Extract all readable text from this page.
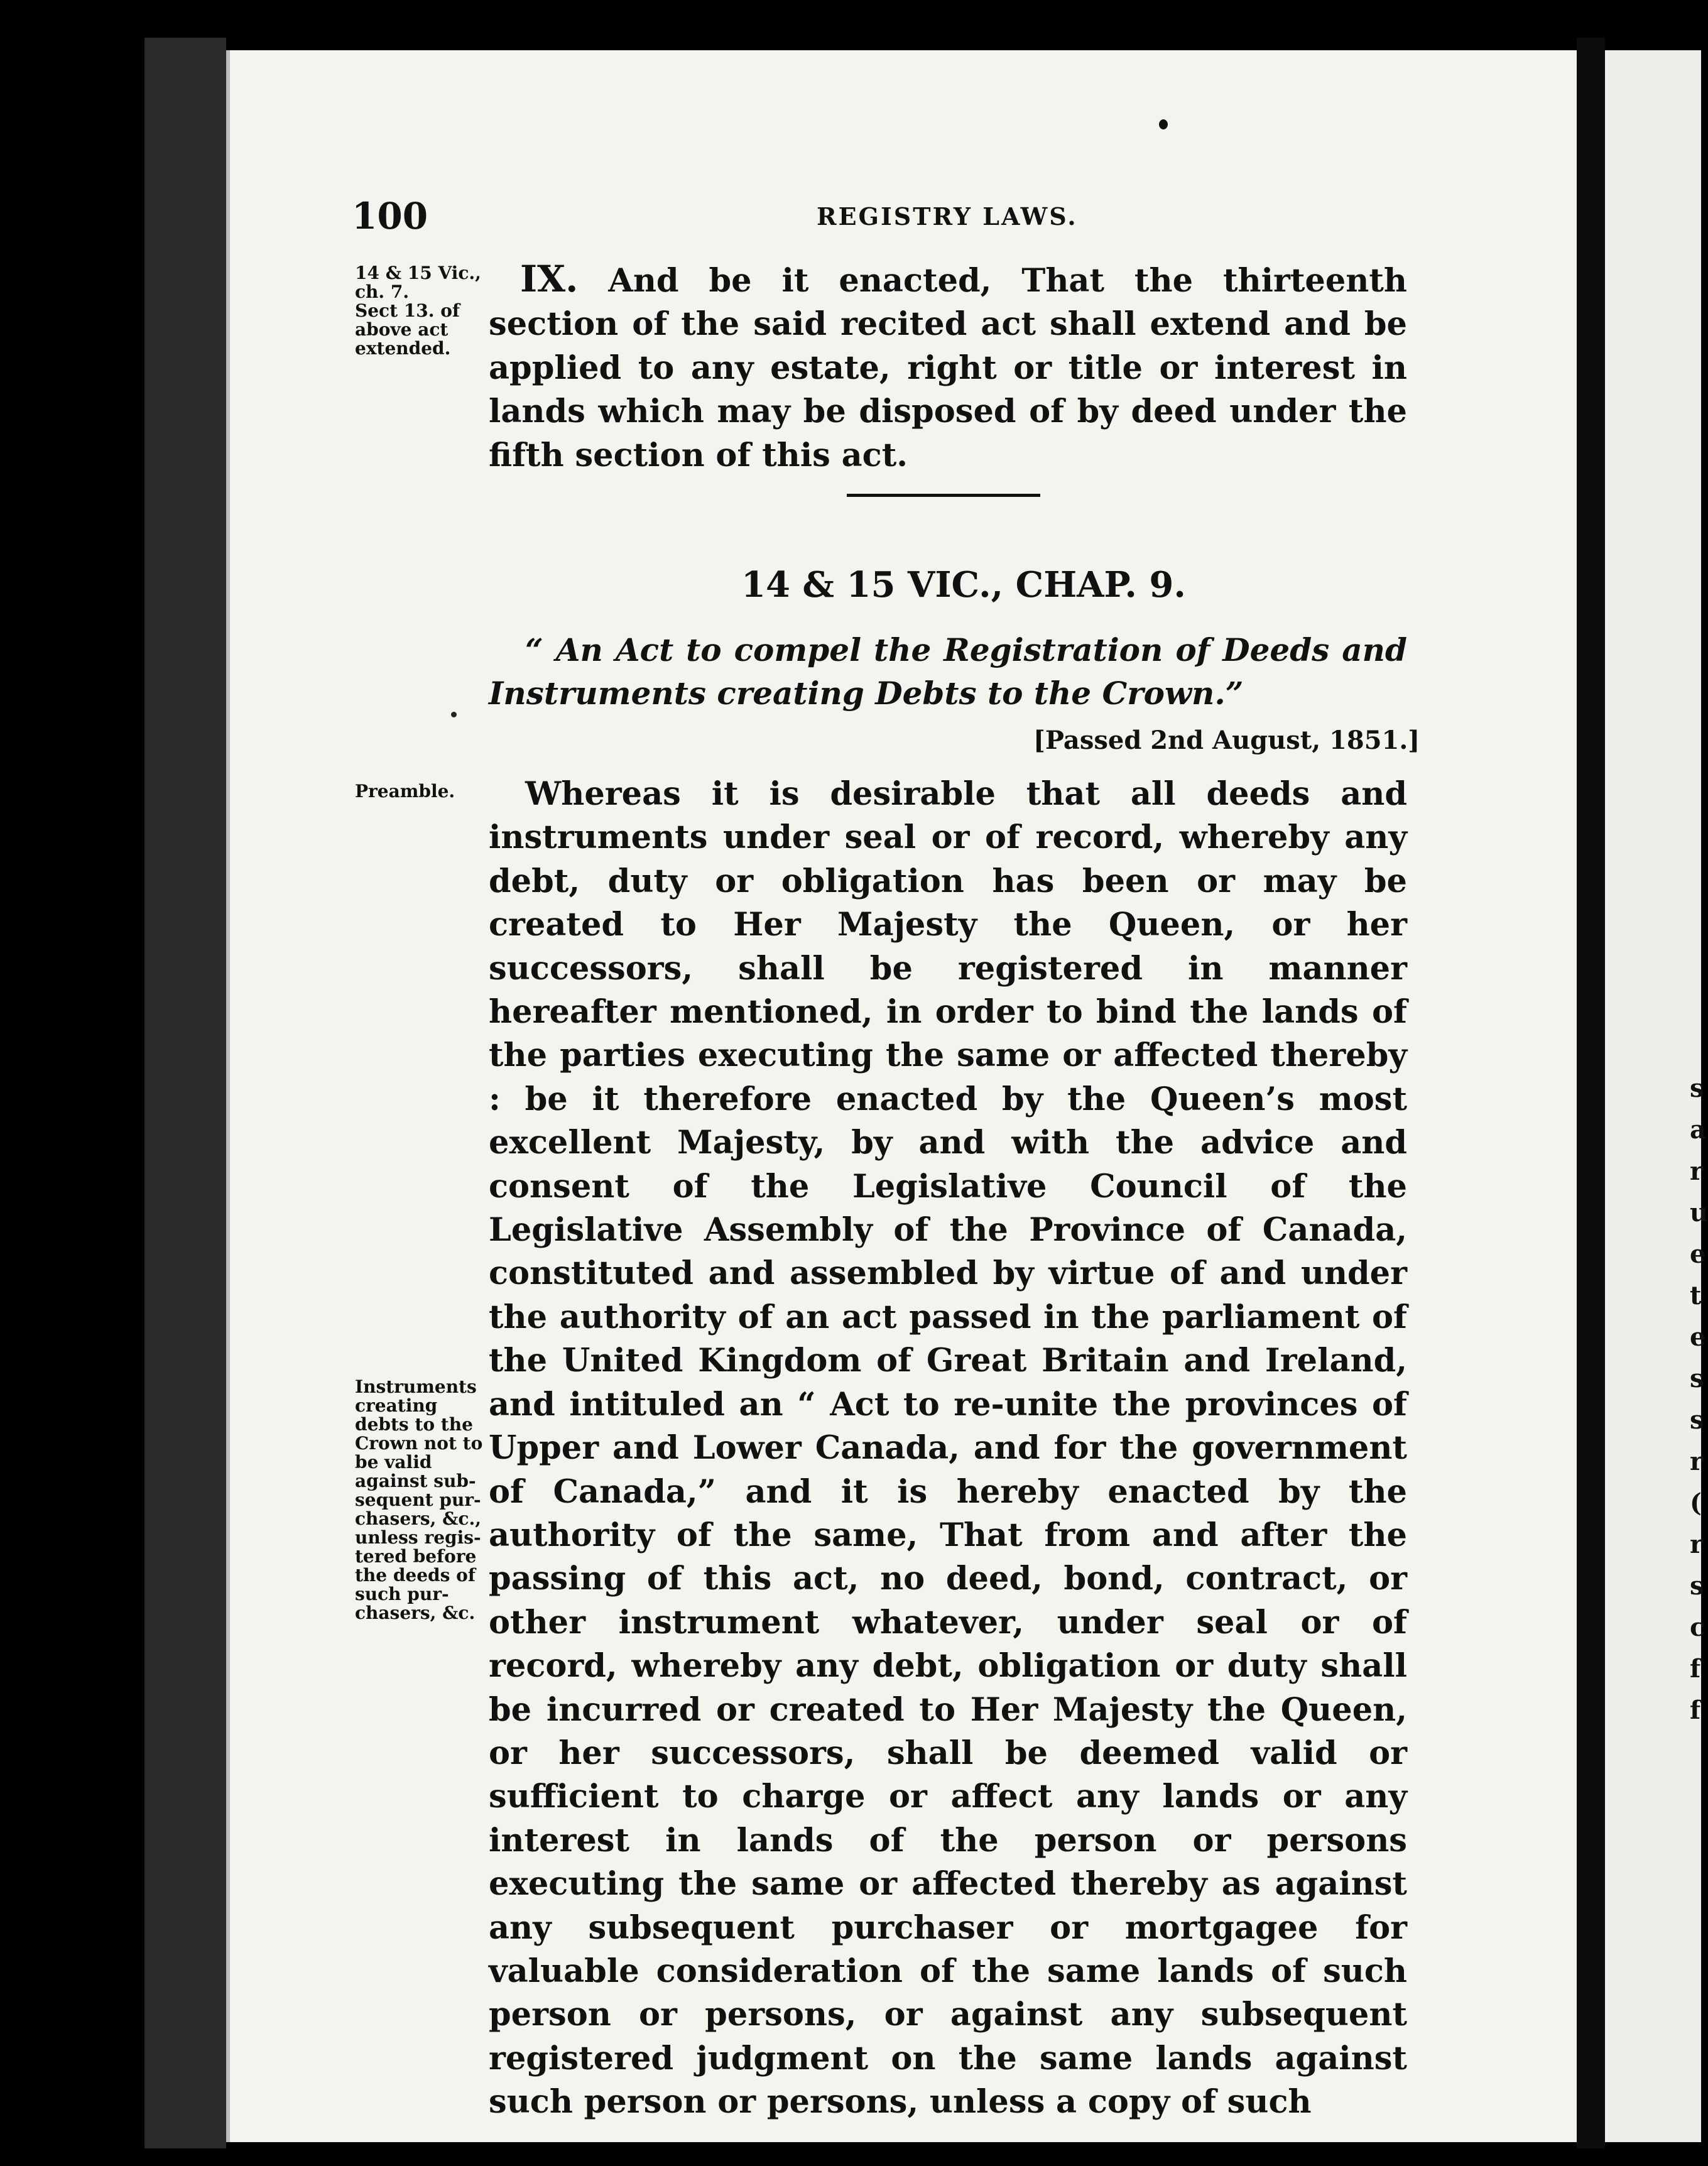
100	REGISTRY LAWS.
14 & 15 Vic.,
ch. 7.
Sect 13. of
above act
extended.

IX. And be it enacted, That the thirteenth section of the said recited act shall extend and be applied to any estate, right or title or interest in lands which may be disposed of by deed under the fifth section of this act.

14 & 15 VIC., CHAP. 9.
“ An Act to compel the Registration of Deeds and Instruments creating Debts to the Crown.”
[Passed 2nd August, 1851.]
Preamble.	Whereas it is desirable that all deeds and instruments under seal or of record, whereby any debt, duty or obligation has been or may be created to Her Majesty the Queen, or her successors, shall be registered in manner hereafter mentioned, in order to bind the lands of the parties executing the same or affected thereby : be it therefore enacted by the Queen’s most excellent Majesty, by and with the advice and consent of the Legislative Council of the Legislative Assembly of the Province of Canada, constituted and assembled by virtue of and under the authority of an act passed in the parliament of the United Kingdom of Great Britain and Ireland, and intituled an “ Act to re-unite the provinces of Upper and Lower Canada, and for the government of Canada,” and it is hereby enacted by the authority of the same, That from and after the passing of this act, no deed, bond, contract, or other instrument whatever, under seal or of record, whereby any debt, obligation or duty shall be incurred or created to Her Majesty the Queen, or her successors, shall be deemed valid or sufficient to charge or affect any lands or any interest in lands of the person or persons executing the same or affected thereby as against any subsequent purchaser or mortgagee for valuable consideration of the same lands of such person or persons, or against any subsequent registered judgment on the same lands against such person or persons, unless a copy of such

Instruments
creating
debts to the
Crown not to
be valid
against sub-
sequent pur-
chasers, &c.,
unless regis-
tered before
the deeds of
such pur-
chasers, &c.
s
a
r
u
e
t
e
s
s
r
(
r
s
c
f
f
